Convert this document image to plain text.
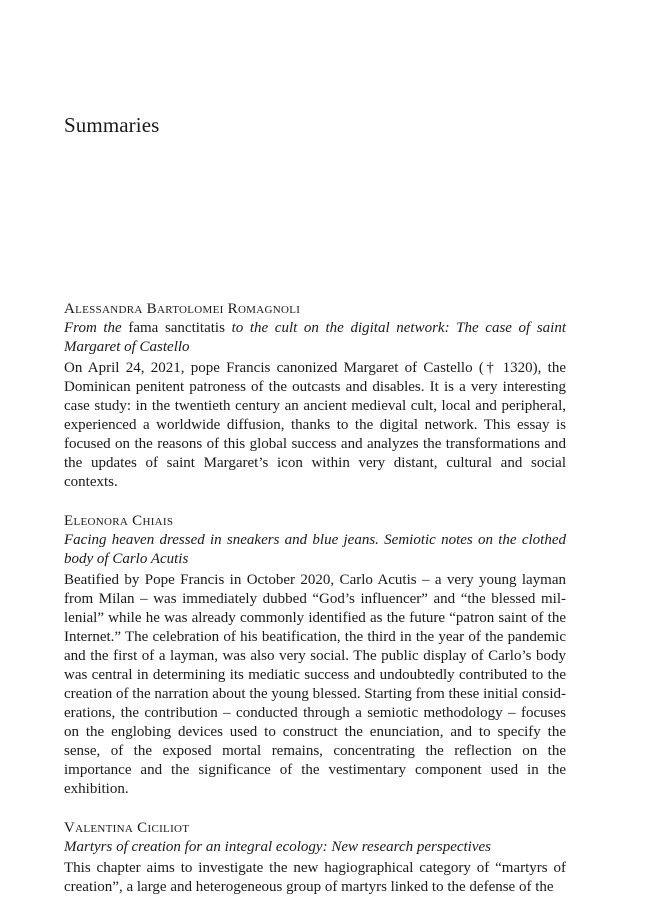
Summaries
Alessandra Bartolomei Romagnoli
From the fama sanctitatis to the cult on the digital network: The case of saint Margaret of Castello
On April 24, 2021, pope Francis canonized Margaret of Castello († 1320), the Dominican penitent patroness of the outcasts and disables. It is a very interesting case study: in the twentieth century an ancient medieval cult, local and peripheral, experienced a worldwide diffusion, thanks to the digital network. This essay is focused on the reasons of this global success and analyzes the transformations and the updates of saint Margaret’s icon within very distant, cultural and social contexts.
Eleonora Chiais
Facing heaven dressed in sneakers and blue jeans. Semiotic notes on the clothed body of Carlo Acutis
Beatified by Pope Francis in October 2020, Carlo Acutis – a very young layman from Milan – was immediately dubbed “God’s influencer” and “the blessed millenial” while he was already commonly identified as the future “patron saint of the Internet.” The celebration of his beatification, the third in the year of the pandemic and the first of a layman, was also very social. The public display of Carlo’s body was central in determining its mediatic success and undoubtedly contributed to the creation of the narration about the young blessed. Starting from these initial considerations, the contribution – conducted through a semiotic methodology – focuses on the englobing devices used to construct the enunciation, and to specify the sense, of the exposed mortal remains, concentrating the reflection on the importance and the significance of the vestimentary component used in the exhibition.
Valentina Ciciliot
Martyrs of creation for an integral ecology: New research perspectives
This chapter aims to investigate the new hagiographical category of “martyrs of creation”, a large and heterogeneous group of martyrs linked to the defense of the
